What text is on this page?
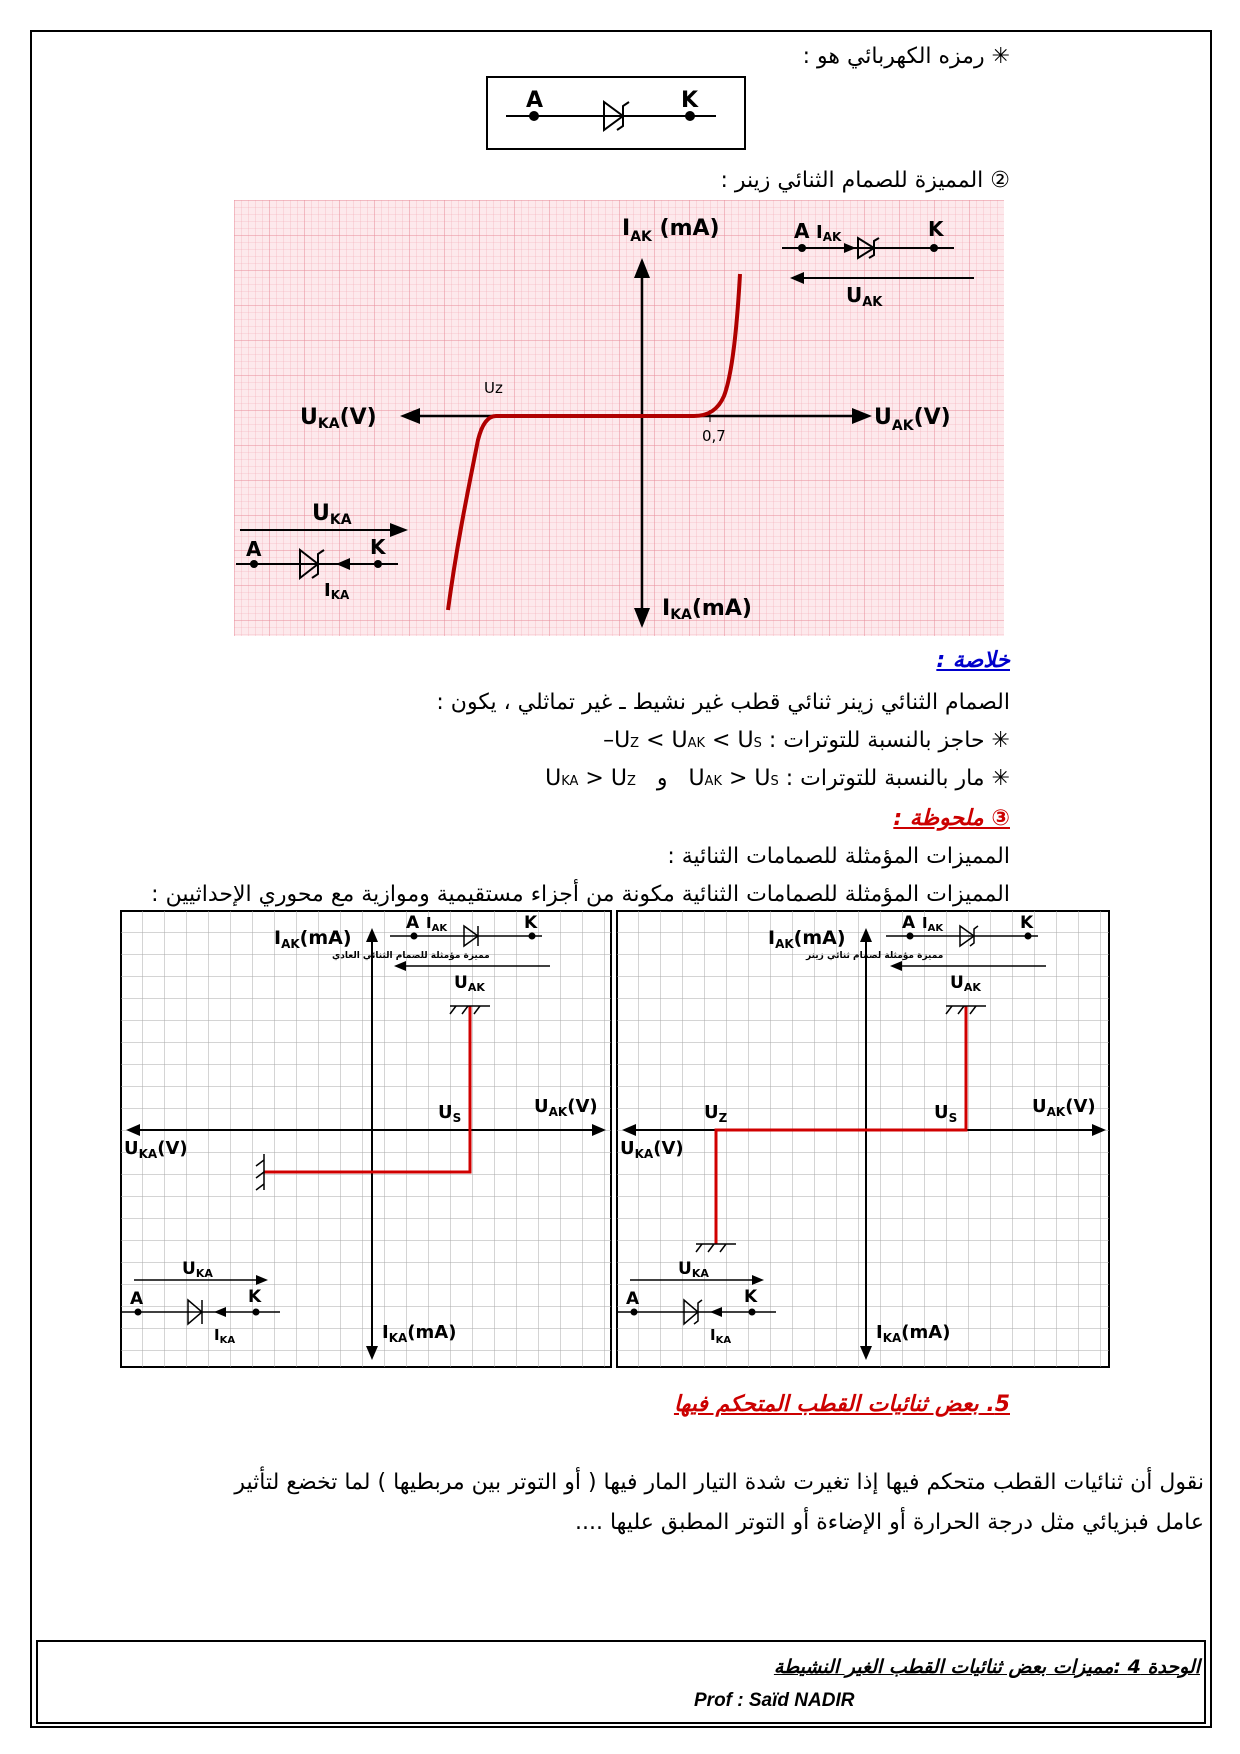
✳ رمزه الكهربائي هو :
A	K
② المميزة للصمام الثنائي زينر :
$I_{AK}$ (mA)
UKA(V)	$U_{AK}(V)$
IKA(mA)
Uz
0,7
A	K
IAK
$U_{AK}$
UKA
A	K
IKA
خلاصة :
الصمام الثنائي زينر ثنائي قطب غير نشيط ـ غير تماثلي ، يكون :
✳ حاجز بالنسبة للتوترات : –UZ < UAK < US
✳ مار بالنسبة للتوترات : UAK > US   و   UKA > UZ
③ ملحوظة :
المميزات المؤمثلة للصمامات الثنائية :
المميزات المؤمثلة للصمامات الثنائية مكونة من أجزاء مستقيمية وموازية مع محوري الإحداثيين :
مميزة مؤمثلة للصمام الثنائي العادي
$I_{AK}(mA)$
$U_{AK}(V)$
$U_{KA}(V)$
$I_{KA}(mA)$
$U_S$
A	K
$I_{AK}$
UAK
UKA
A	K
$I_{KA}$
مميزة مؤمثلة لصمام ثنائي زينر
$I_{AK}(mA)$
$U_{AK}(V)$
$U_{KA}(V)$
$I_{KA}(mA)$
$U_S$
$U_Z$
A	K
$I_{AK}$
UAK
UKA
A	K
$I_{KA}$
5. بعض ثنائيات القطب المتحكم فيها
نقول أن ثنائيات القطب متحكم فيها إذا تغيرت شدة التيار المار فيها ( أو التوتر بين مربطيها ) لما تخضع لتأثير
عامل فبزيائي مثل درجة الحرارة أو الإضاءة أو التوتر المطبق عليها ....
الوحدة 4 :مميزات بعض ثنائيات القطب الغير النشيطة
Prof : Saïd NADIR
